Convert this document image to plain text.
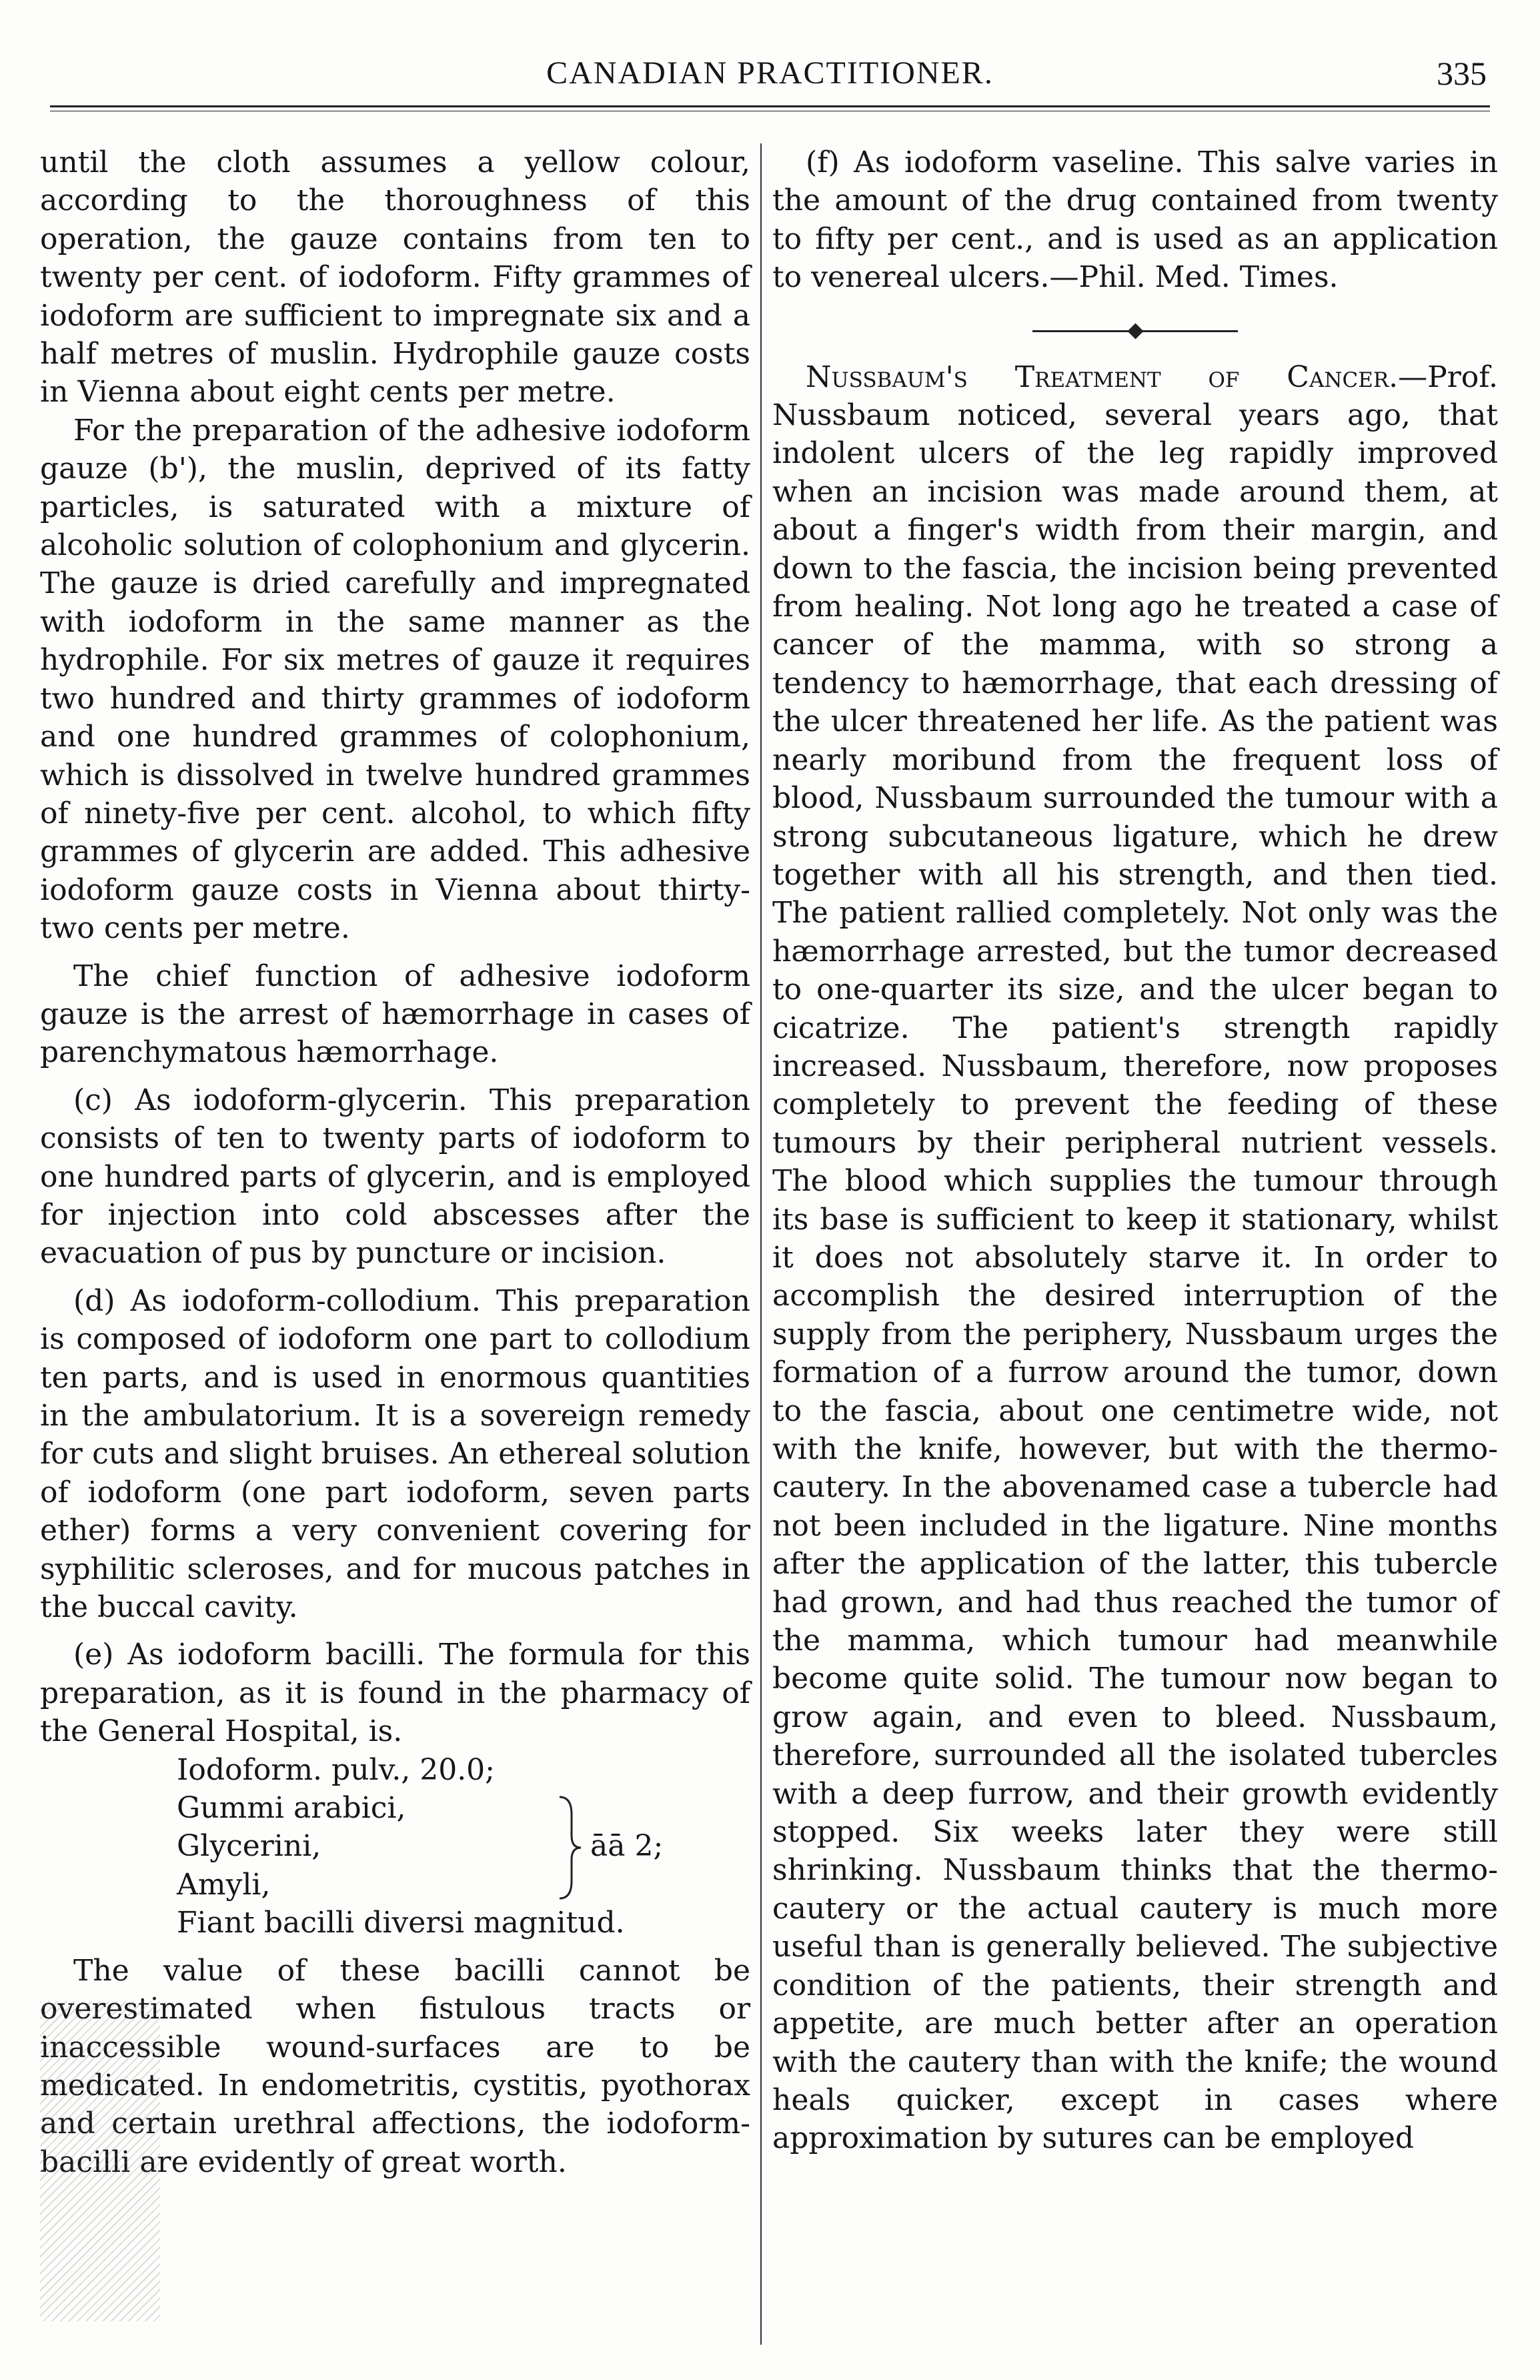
CANADIAN PRACTITIONER.	335

until the cloth assumes a yellow colour, according to the thoroughness of this operation, the gauze contains from ten to twenty per cent. of iodoform. Fifty grammes of iodoform are sufficient to impregnate six and a half metres of muslin. Hydrophile gauze costs in Vienna about eight cents per metre.

For the preparation of the adhesive iodoform gauze (b'), the muslin, deprived of its fatty particles, is saturated with a mixture of alcoholic solution of colophonium and glycerin. The gauze is dried carefully and impregnated with iodoform in the same manner as the hydrophile. For six metres of gauze it requires two hundred and thirty grammes of iodoform and one hundred grammes of colophonium, which is dissolved in twelve hundred grammes of ninety-five per cent. alcohol, to which fifty grammes of glycerin are added. This adhesive iodoform gauze costs in Vienna about thirty-two cents per metre.

The chief function of adhesive iodoform gauze is the arrest of hæmorrhage in cases of parenchymatous hæmorrhage.

(c) As iodoform-glycerin. This preparation consists of ten to twenty parts of iodoform to one hundred parts of glycerin, and is employed for injection into cold abscesses after the evacuation of pus by puncture or incision.

(d) As iodoform-collodium. This preparation is composed of iodoform one part to collodium ten parts, and is used in enormous quantities in the ambulatorium. It is a sovereign remedy for cuts and slight bruises. An ethereal solution of iodoform (one part iodoform, seven parts ether) forms a very convenient covering for syphilitic scleroses, and for mucous patches in the buccal cavity.

(e) As iodoform bacilli. The formula for this preparation, as it is found in the pharmacy of the General Hospital, is.

Iodoform. pulv., 20.0;

Gummi arabici,

Glycerini,

Amyli,

āā 2;

Fiant bacilli diversi magnitud.

The value of these bacilli cannot be overestimated when fistulous tracts or inaccessible wound-surfaces are to be medicated. In endometritis, cystitis, pyothorax and certain urethral affections, the iodoform-bacilli are evidently of great worth.

(f) As iodoform vaseline. This salve varies in the amount of the drug contained from twenty to fifty per cent., and is used as an application to venereal ulcers.—Phil. Med. Times.

Nussbaum's Treatment of Cancer.—Prof. Nussbaum noticed, several years ago, that indolent ulcers of the leg rapidly improved when an incision was made around them, at about a finger's width from their margin, and down to the fascia, the incision being prevented from healing. Not long ago he treated a case of cancer of the mamma, with so strong a tendency to hæmorrhage, that each dressing of the ulcer threatened her life. As the patient was nearly moribund from the frequent loss of blood, Nussbaum surrounded the tumour with a strong subcutaneous ligature, which he drew together with all his strength, and then tied. The patient rallied completely. Not only was the hæmorrhage arrested, but the tumor decreased to one-quarter its size, and the ulcer began to cicatrize. The patient's strength rapidly increased. Nussbaum, therefore, now proposes completely to prevent the feeding of these tumours by their peripheral nutrient vessels. The blood which supplies the tumour through its base is sufficient to keep it stationary, whilst it does not absolutely starve it. In order to accomplish the desired interruption of the supply from the periphery, Nussbaum urges the formation of a furrow around the tumor, down to the fascia, about one centimetre wide, not with the knife, however, but with the thermo-cautery. In the abovenamed case a tubercle had not been included in the ligature. Nine months after the application of the latter, this tubercle had grown, and had thus reached the tumor of the mamma, which tumour had meanwhile become quite solid. The tumour now began to grow again, and even to bleed. Nussbaum, therefore, surrounded all the isolated tubercles with a deep furrow, and their growth evidently stopped. Six weeks later they were still shrinking. Nussbaum thinks that the thermo-cautery or the actual cautery is much more useful than is generally believed. The subjective condition of the patients, their strength and appetite, are much better after an operation with the cautery than with the knife; the wound heals quicker, except in cases where approximation by sutures can be employed
